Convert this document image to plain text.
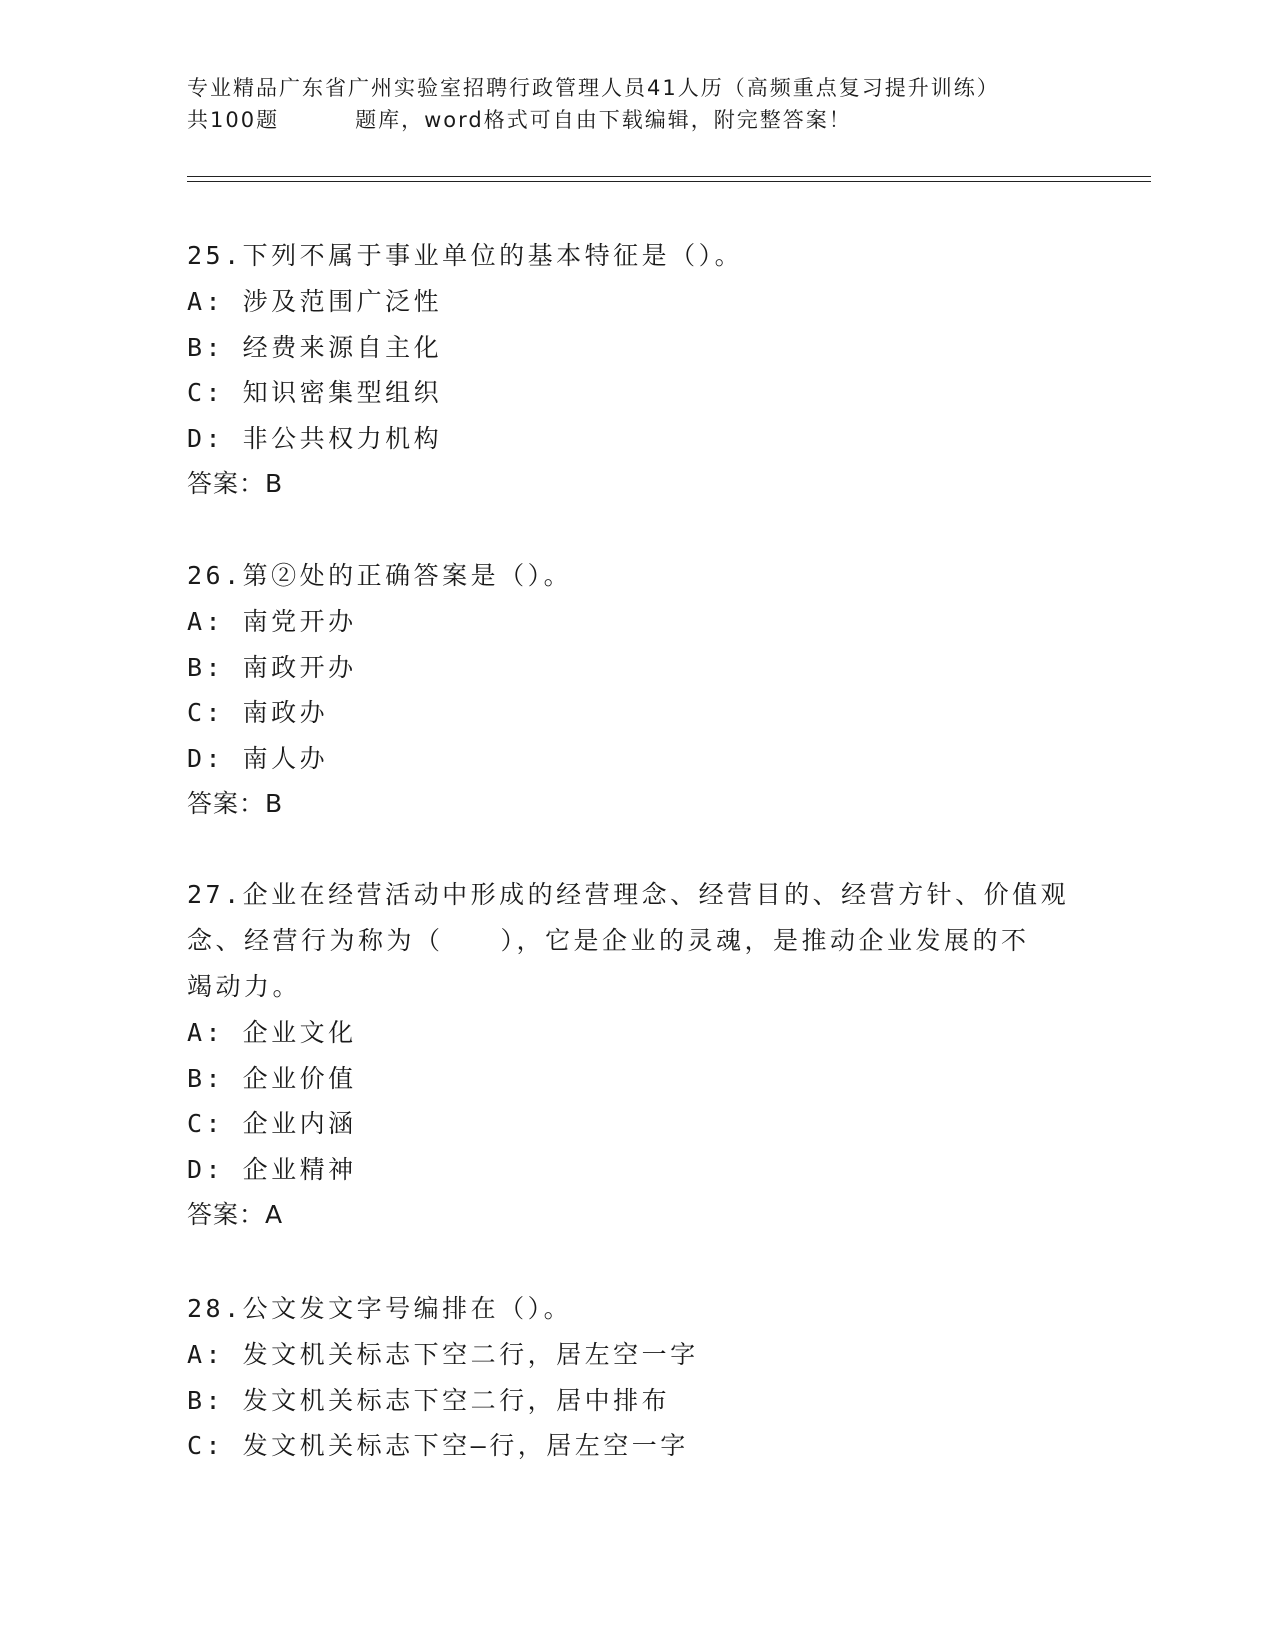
专业精品广东省广州实验室招聘行政管理人员41人历（高频重点复习提升训练）
共100题	题库，word格式可自由下载编辑，附完整答案！
25.下列不属于事业单位的基本特征是（）。
A: 涉及范围广泛性
B: 经费来源自主化
C: 知识密集型组织
D: 非公共权力机构
答案：B
26.第②处的正确答案是（）。
A: 南党开办
B: 南政开办
C: 南政办
D: 南人办
答案：B
27.企业在经营活动中形成的经营理念、经营目的、经营方针、价值观
念、经营行为称为（　　），它是企业的灵魂，是推动企业发展的不
竭动力。
A: 企业文化
B: 企业价值
C: 企业内涵
D: 企业精神
答案：A
28.公文发文字号编排在（）。
A: 发文机关标志下空二行，居左空一字
B: 发文机关标志下空二行，居中排布
C: 发文机关标志下空—行，居左空一字
